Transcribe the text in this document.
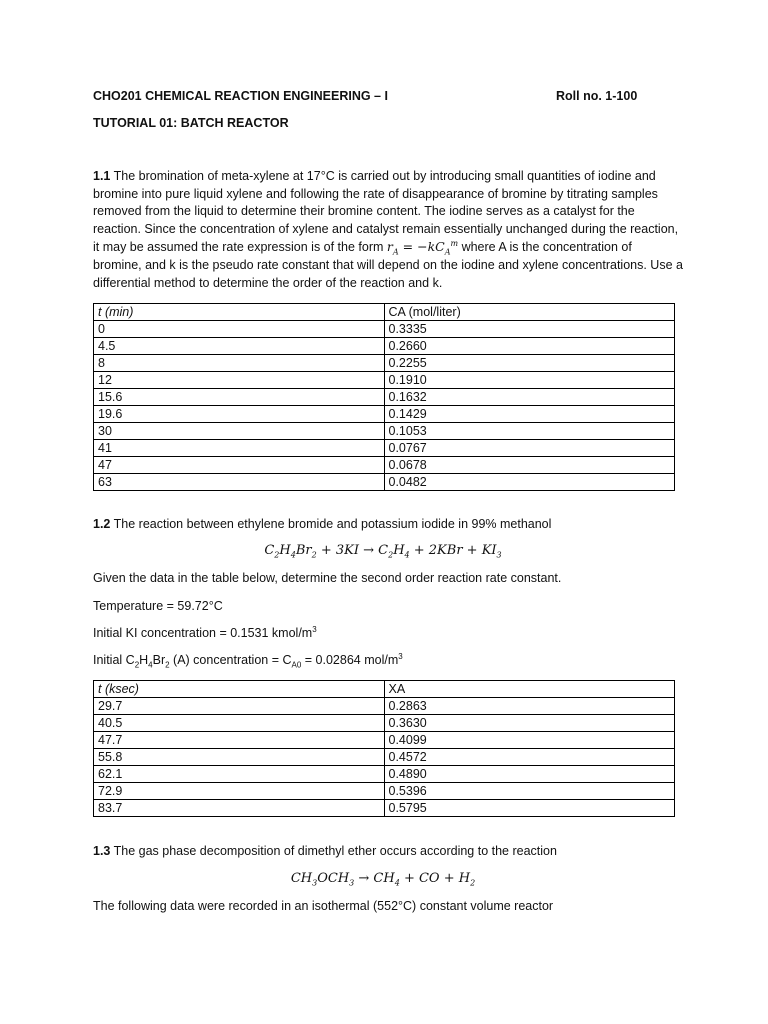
CHO201 CHEMICAL REACTION ENGINEERING – I	Roll no. 1-100
TUTORIAL 01: BATCH REACTOR

1.1 The bromination of meta-xylene at 17°C is carried out by introducing small quantities of iodine and bromine into pure liquid xylene and following the rate of disappearance of bromine by titrating samples removed from the liquid to determine their bromine content. The iodine serves as a catalyst for the reaction. Since the concentration of xylene and catalyst remain essentially unchanged during the reaction, it may be assumed the rate expression is of the form $r_A = -kC_A^m$ where A is the concentration of bromine, and k is the pseudo rate constant that will depend on the iodine and xylene concentrations. Use a differential method to determine the order of the reaction and k.

t (min)	CA (mol/liter)
0	0.3335
4.5	0.2660
8	0.2255
12	0.1910
15.6	0.1632
19.6	0.1429
30	0.1053
41	0.0767
47	0.0678
63	0.0482

1.2 The reaction between ethylene bromide and potassium iodide in 99% methanol

$C_2H_4Br_2 + 3KI \to C_2H_4 + 2KBr + KI_3$

Given the data in the table below, determine the second order reaction rate constant.

Temperature = 59.72°C

Initial KI concentration = 0.1531 kmol/$m^3$

Initial $C_2H_4Br_2$ (A) concentration = $C_{A0} = 0.02864$ mol/$m^3$

t (ksec)	XA
29.7	0.2863
40.5	0.3630
47.7	0.4099
55.8	0.4572
62.1	0.4890
72.9	0.5396
83.7	0.5795

1.3 The gas phase decomposition of dimethyl ether occurs according to the reaction

$CH_3OCH_3 \to CH_4$ + CO + $H_2$

The following data were recorded in an isothermal (552°C) constant volume reactor
